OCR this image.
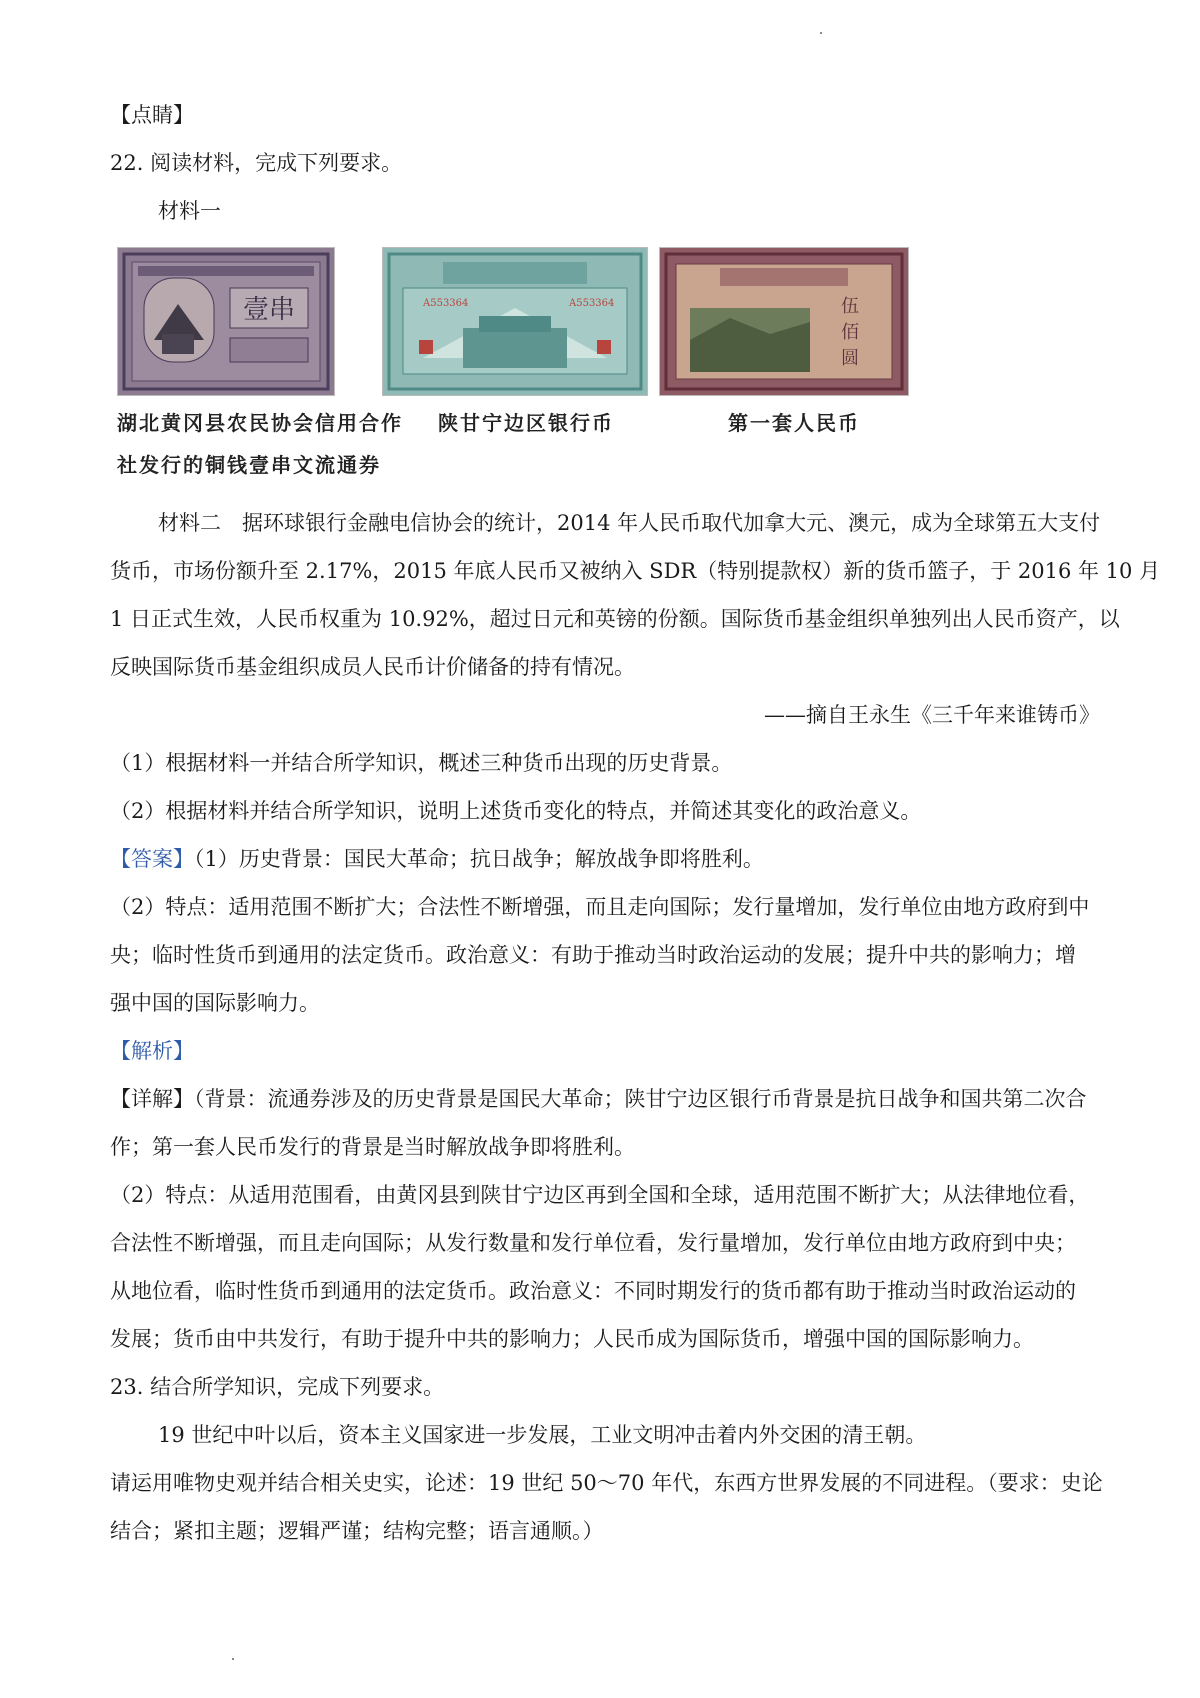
【点睛】
22. 阅读材料，完成下列要求。
材料一
壹串	A553364	A553364	伍
佰
圆
湖北黄冈县农民协会信用合作
社发行的铜钱壹串文流通券
陕甘宁边区银行币	第一套人民币
材料二　据环球银行金融电信协会的统计，2014 年人民币取代加拿大元、澳元，成为全球第五大支付
货币，市场份额升至 2.17%，2015 年底人民币又被纳入 SDR（特别提款权）新的货币篮子，于 2016 年 10 月
1 日正式生效，人民币权重为 10.92%，超过日元和英镑的份额。国际货币基金组织单独列出人民币资产，以
反映国际货币基金组织成员人民币计价储备的持有情况。
——摘自王永生《三千年来谁铸币》
（1）根据材料一并结合所学知识，概述三种货币出现的历史背景。
（2）根据材料并结合所学知识，说明上述货币变化的特点，并简述其变化的政治意义。
【答案】（1）历史背景：国民大革命；抗日战争；解放战争即将胜利。
（2）特点：适用范围不断扩大；合法性不断增强，而且走向国际；发行量增加，发行单位由地方政府到中
央；临时性货币到通用的法定货币。政治意义：有助于推动当时政治运动的发展；提升中共的影响力；增
强中国的国际影响力。
【解析】
【详解】（背景：流通券涉及的历史背景是国民大革命；陕甘宁边区银行币背景是抗日战争和国共第二次合
作；第一套人民币发行的背景是当时解放战争即将胜利。
（2）特点：从适用范围看，由黄冈县到陕甘宁边区再到全国和全球，适用范围不断扩大；从法律地位看，
合法性不断增强，而且走向国际；从发行数量和发行单位看，发行量增加，发行单位由地方政府到中央；
从地位看，临时性货币到通用的法定货币。政治意义：不同时期发行的货币都有助于推动当时政治运动的
发展；货币由中共发行，有助于提升中共的影响力；人民币成为国际货币，增强中国的国际影响力。
23. 结合所学知识，完成下列要求。
19 世纪中叶以后，资本主义国家进一步发展，工业文明冲击着内外交困的清王朝。
请运用唯物史观并结合相关史实，论述：19 世纪 50～70 年代，东西方世界发展的不同进程。（要求：史论
结合；紧扣主题；逻辑严谨；结构完整；语言通顺。）
